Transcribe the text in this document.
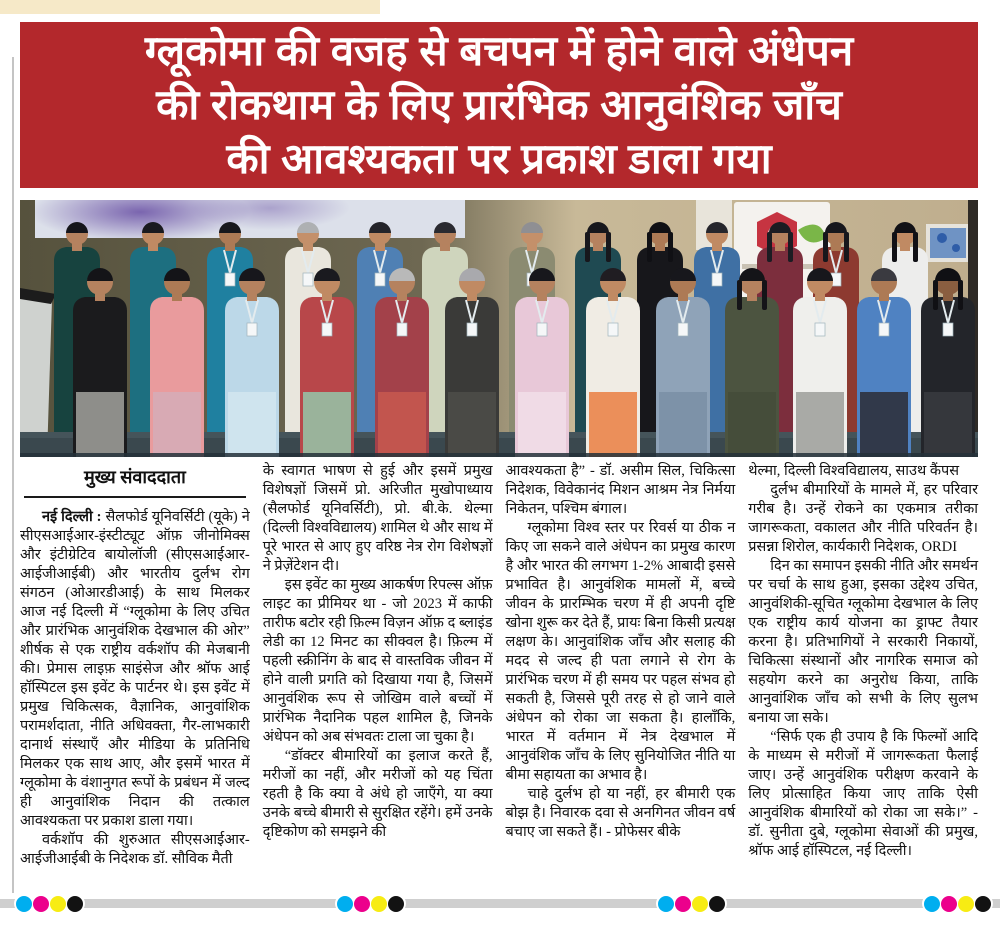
ग्लूकोमा की वजह से बचपन में होने वाले अंधेपन
की रोकथाम के लिए प्रारंभिक आनुवंशिक जाँच
की आवश्यकता पर प्रकाश डाला गया
मुख्य संवाददाता

नई दिल्ली : सैलफोर्ड यूनिवर्सिटी (यूके) ने सीएसआईआर-इंस्टीट्यूट ऑफ़ जीनोमिक्स और इंटीग्रेटिव बायोलॉजी (सीएसआईआर-आईजीआईबी) और भारतीय दुर्लभ रोग संगठन (ओआरडीआई) के साथ मिलकर आज नई दिल्ली में “ग्लूकोमा के लिए उचित और प्रारंभिक आनुवंशिक देखभाल की ओर” शीर्षक से एक राष्ट्रीय वर्कशॉप की मेजबानी की। प्रेमास लाइफ़ साइंसेज और श्रॉफ आई हॉस्पिटल इस इवेंट के पार्टनर थे। इस इवेंट में प्रमुख चिकित्सक, वैज्ञानिक, आनुवांशिक परामर्शदाता, नीति अधिवक्ता, गैर-लाभकारी दानार्थ संस्थाएँ और मीडिया के प्रतिनिधि मिलकर एक साथ आए, और इसमें भारत में ग्लूकोमा के वंशानुगत रूपों के प्रबंधन में जल्द ही आनुवांशिक निदान की तत्काल आवश्यकता पर प्रकाश डाला गया।

वर्कशॉप की शुरुआत सीएसआईआर-आईजीआईबी के निदेशक डॉ. सौविक मैती

के स्वागत भाषण से हुई और इसमें प्रमुख विशेषज्ञों जिसमें प्रो. अरिजीत मुखोपाध्याय (सैलफोर्ड यूनिवर्सिटी), प्रो. बी.के. थेल्मा (दिल्ली विश्वविद्यालय) शामिल थे और साथ में पूरे भारत से आए हुए वरिष्ठ नेत्र रोग विशेषज्ञों ने प्रेज़ेंटेशन दी।

इस इवेंट का मुख्य आकर्षण रिपल्स ऑफ़ लाइट का प्रीमियर था - जो 2023 में काफी तारीफ बटोर रही फ़िल्म विज़न ऑफ़ द ब्लाइंड लेडी का 12 मिनट का सीक्वल है। फ़िल्म में पहली स्क्रीनिंग के बाद से वास्तविक जीवन में होने वाली प्रगति को दिखाया गया है, जिसमें आनुवंशिक रूप से जोखिम वाले बच्चों में प्रारंभिक नैदानिक पहल शामिल है, जिनके अंधेपन को अब संभवतः टाला जा चुका है।

“डॉक्टर बीमारियों का इलाज करते हैं, मरीजों का नहीं, और मरीजों को यह चिंता रहती है कि क्या वे अंधे हो जाएँगे, या क्या उनके बच्चे बीमारी से सुरक्षित रहेंगे। हमें उनके दृष्टिकोण को समझने की

आवश्यकता है” - डॉ. असीम सिल, चिकित्सा निदेशक, विवेकानंद मिशन आश्रम नेत्र निर्मया निकेतन, पश्चिम बंगाल।

ग्लूकोमा विश्व स्तर पर रिवर्स या ठीक न किए जा सकने वाले अंधेपन का प्रमुख कारण है और भारत की लगभग 1-2% आबादी इससे प्रभावित है। आनुवंशिक मामलों में, बच्चे जीवन के प्रारम्भिक चरण में ही अपनी दृष्टि खोना शुरू कर देते हैं, प्रायः बिना किसी प्रत्यक्ष लक्षण के। आनुवांशिक जाँच और सलाह की मदद से जल्द ही पता लगाने से रोग के प्रारंभिक चरण में ही समय पर पहल संभव हो सकती है, जिससे पूरी तरह से हो जाने वाले अंधेपन को रोका जा सकता है। हालाँकि, भारत में वर्तमान में नेत्र देखभाल में आनुवंशिक जाँच के लिए सुनियोजित नीति या बीमा सहायता का अभाव है।

चाहे दुर्लभ हो या नहीं, हर बीमारी एक बोझ है। निवारक दवा से अनगिनत जीवन वर्ष बचाए जा सकते हैं। - प्रोफेसर बीके

थेल्मा, दिल्ली विश्वविद्यालय, साउथ कैंपस

दुर्लभ बीमारियों के मामले में, हर परिवार गरीब है। उन्हें रोकने का एकमात्र तरीका जागरूकता, वकालत और नीति परिवर्तन है। प्रसन्ना शिरोल, कार्यकारी निदेशक, ORDI

दिन का समापन इसकी नीति और समर्थन पर चर्चा के साथ हुआ, इसका उद्देश्य उचित, आनुवंशिकी-सूचित ग्लूकोमा देखभाल के लिए एक राष्ट्रीय कार्य योजना का ड्राफ्ट तैयार करना है। प्रतिभागियों ने सरकारी निकायों, चिकित्सा संस्थानों और नागरिक समाज को सहयोग करने का अनुरोध किया, ताकि आनुवांशिक जाँच को सभी के लिए सुलभ बनाया जा सके।

“सिर्फ एक ही उपाय है कि फिल्मों आदि के माध्यम से मरीजों में जागरूकता फैलाई जाए। उन्हें आनुवंशिक परीक्षण करवाने के लिए प्रोत्साहित किया जाए ताकि ऐसी आनुवंशिक बीमारियों को रोका जा सके।” - डॉ. सुनीता दुबे, ग्लूकोमा सेवाओं की प्रमुख, श्रॉफ आई हॉस्पिटल, नई दिल्ली।
